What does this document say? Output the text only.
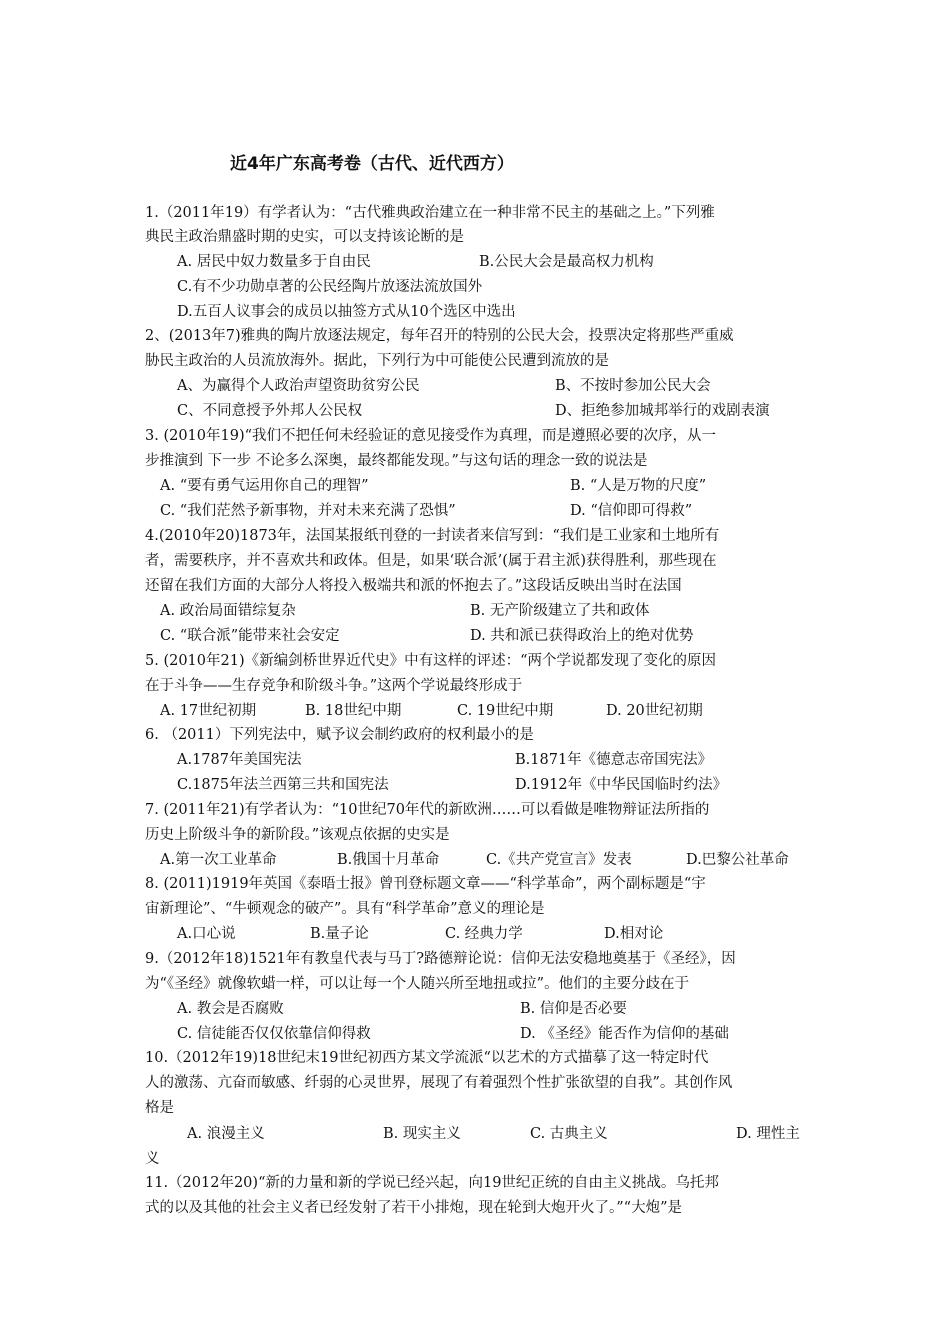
近4年广东高考卷（古代、近代西方）
1.（2011年19）有学者认为：“古代雅典政治建立在一种非常不民主的基础之上。”下列雅
典民主政治鼎盛时期的史实，可以支持该论断的是
A. 居民中奴力数量多于自由民	B.公民大会是最高权力机构
C.有不少功勋卓著的公民经陶片放逐法流放国外
D.五百人议事会的成员以抽签方式从10个选区中选出
2、(2013年7)雅典的陶片放逐法规定，每年召开的特别的公民大会，投票决定将那些严重威
胁民主政治的人员流放海外。据此，下列行为中可能使公民遭到流放的是
A、为赢得个人政治声望资助贫穷公民	B、不按时参加公民大会
C、不同意授予外邦人公民权	D、拒绝参加城邦举行的戏剧表演
3. (2010年19)“我们不把任何未经验证的意见接受作为真理，而是遵照必要的次序，从一
步推演到 下一步 不论多么深奥，最终都能发现。”与这句话的理念一致的说法是
A. “要有勇气运用你自己的理智”	B. “人是万物的尺度”
C. “我们茫然予新事物，并对未来充满了恐惧”	D. “信仰即可得救”
4.(2010年20)1873年，法国某报纸刊登的一封读者来信写到：“我们是工业家和土地所有
者，需要秩序，并不喜欢共和政体。但是，如果‘联合派’(属于君主派)获得胜利，那些现在
还留在我们方面的大部分人将投入极端共和派的怀抱去了。”这段话反映出当时在法国
A. 政治局面错综复杂	B. 无产阶级建立了共和政体
C. “联合派”能带来社会安定	D. 共和派已获得政治上的绝对优势
5. (2010年21)《新编剑桥世界近代史》中有这样的评述：“两个学说都发现了变化的原因
在于斗争——生存竞争和阶级斗争。”这两个学说最终形成于
A. 17世纪初期	B. 18世纪中期	C. 19世纪中期	D. 20世纪初期
6. （2011）下列宪法中，赋予议会制约政府的权利最小的是
A.1787年美国宪法	B.1871年《德意志帝国宪法》
C.1875年法兰西第三共和国宪法	D.1912年《中华民国临时约法》
7. (2011年21)有学者认为：“10世纪70年代的新欧洲……可以看做是唯物辩证法所指的
历史上阶级斗争的新阶段。”该观点依据的史实是
A.第一次工业革命	B.俄国十月革命	C.《共产党宣言》发表	D.巴黎公社革命
8. (2011)1919年英国《泰晤士报》曾刊登标题文章——“科学革命”，两个副标题是“宇
宙新理论”、“牛顿观念的破产”。具有“科学革命”意义的理论是
A.口心说	B.量子论	C. 经典力学	D.相对论
9.（2012年18)1521年有教皇代表与马丁?路德辩论说：信仰无法安稳地奠基于《圣经》，因
为“《圣经》就像软蜡一样，可以让每一个人随兴所至地扭或拉”。他们的主要分歧在于
A. 教会是否腐败	B. 信仰是否必要
C. 信徒能否仅仅依靠信仰得救	D. 《圣经》能否作为信仰的基础
10.（2012年19)18世纪末19世纪初西方某文学流派“以艺术的方式描摹了这一特定时代
人的激荡、亢奋而敏感、纤弱的心灵世界，展现了有着强烈个性扩张欲望的自我”。其创作风
格是
A. 浪漫主义	B. 现实主义	C. 古典主义	D. 理性主
义
11.（2012年20)“新的力量和新的学说已经兴起，向19世纪正统的自由主义挑战。乌托邦
式的以及其他的社会主义者已经发射了若干小排炮，现在轮到大炮开火了。”“大炮”是
